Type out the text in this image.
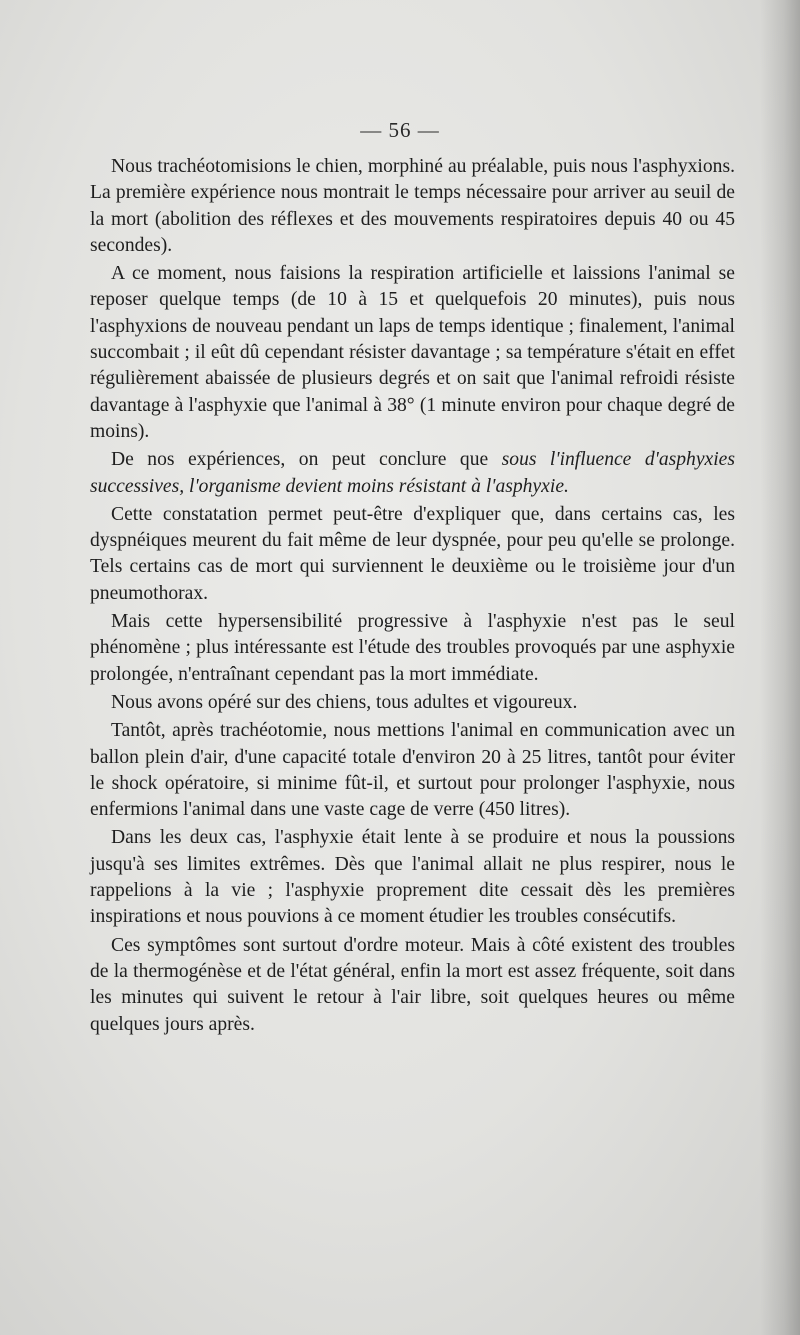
— 56 —

Nous trachéotomisions le chien, morphiné au préalable, puis nous l'asphyxions. La première expérience nous montrait le temps nécessaire pour arriver au seuil de la mort (abolition des réflexes et des mouvements respiratoires depuis 40 ou 45 secondes).

A ce moment, nous faisions la respiration artificielle et laissions l'animal se reposer quelque temps (de 10 à 15 et quelquefois 20 minutes), puis nous l'asphyxions de nouveau pendant un laps de temps identique ; finalement, l'animal succombait ; il eût dû cependant résister davantage ; sa température s'était en effet régulièrement abaissée de plusieurs degrés et on sait que l'animal refroidi résiste davantage à l'asphyxie que l'animal à 38° (1 minute environ pour chaque degré de moins).

De nos expériences, on peut conclure que sous l'influence d'asphyxies successives, l'organisme devient moins résistant à l'asphyxie.

Cette constatation permet peut-être d'expliquer que, dans certains cas, les dyspnéiques meurent du fait même de leur dyspnée, pour peu qu'elle se prolonge. Tels certains cas de mort qui surviennent le deuxième ou le troisième jour d'un pneumothorax.

Mais cette hypersensibilité progressive à l'asphyxie n'est pas le seul phénomène ; plus intéressante est l'étude des troubles provoqués par une asphyxie prolongée, n'entraînant cependant pas la mort immédiate.

Nous avons opéré sur des chiens, tous adultes et vigoureux.

Tantôt, après trachéotomie, nous mettions l'animal en communication avec un ballon plein d'air, d'une capacité totale d'environ 20 à 25 litres, tantôt pour éviter le shock opératoire, si minime fût-il, et surtout pour prolonger l'asphyxie, nous enfermions l'animal dans une vaste cage de verre (450 litres).

Dans les deux cas, l'asphyxie était lente à se produire et nous la poussions jusqu'à ses limites extrêmes. Dès que l'animal allait ne plus respirer, nous le rappelions à la vie ; l'asphyxie proprement dite cessait dès les premières inspirations et nous pouvions à ce moment étudier les troubles consécutifs.

Ces symptômes sont surtout d'ordre moteur. Mais à côté existent des troubles de la thermogénèse et de l'état général, enfin la mort est assez fréquente, soit dans les minutes qui suivent le retour à l'air libre, soit quelques heures ou même quelques jours après.
